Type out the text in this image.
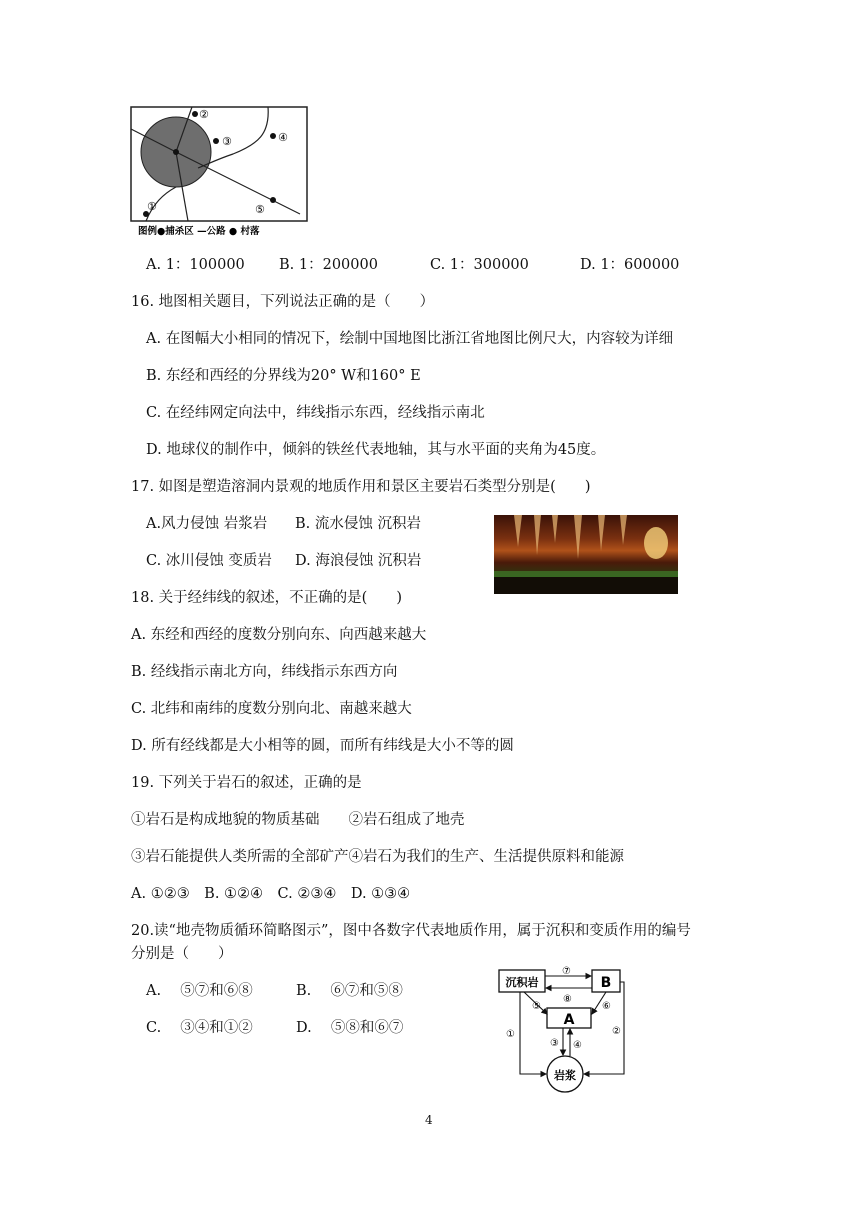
①
②
③	④
⑤
图例●捕杀区 —公路 ● 村落
A. 1：100000 B. 1：200000	C. 1：300000	D. 1：600000
16. 地图相关题目，下列说法正确的是（　　）
A. 在图幅大小相同的情况下，绘制中国地图比浙江省地图比例尺大，内容较为详细
B. 东经和西经的分界线为20° W和160° E
C. 在经纬网定向法中，纬线指示东西，经线指示南北
D. 地球仪的制作中，倾斜的铁丝代表地轴，其与水平面的夹角为45度。
17. 如图是塑造溶洞内景观的地质作用和景区主要岩石类型分别是(　　)
A.风力侵蚀 岩浆岩 B. 流水侵蚀 沉积岩
C. 冰川侵蚀 变质岩 D. 海浪侵蚀 沉积岩
18. 关于经纬线的叙述，不正确的是(　　)
A. 东经和西经的度数分别向东、向西越来越大
B. 经线指示南北方向，纬线指示东西方向
C. 北纬和南纬的度数分别向北、南越来越大
D. 所有经线都是大小相等的圆，而所有纬线是大小不等的圆
19. 下列关于岩石的叙述，正确的是
①岩石是构成地貌的物质基础　　②岩石组成了地壳
③岩石能提供人类所需的全部矿产④岩石为我们的生产、生活提供原料和能源
A. ①②③　B. ①②④　C. ②③④　D. ①③④
20.读“地壳物质循环简略图示”，图中各数字代表地质作用，属于沉积和变质作用的编号
分别是（　　）
A.　 ⑤⑦和⑥⑧	B.　 ⑥⑦和⑤⑧
C.　 ③④和①②	D.　 ⑤⑧和⑥⑦
沉积岩	B
A
岩浆
⑦
⑧
⑤	⑥
③ ④
①	②
4
